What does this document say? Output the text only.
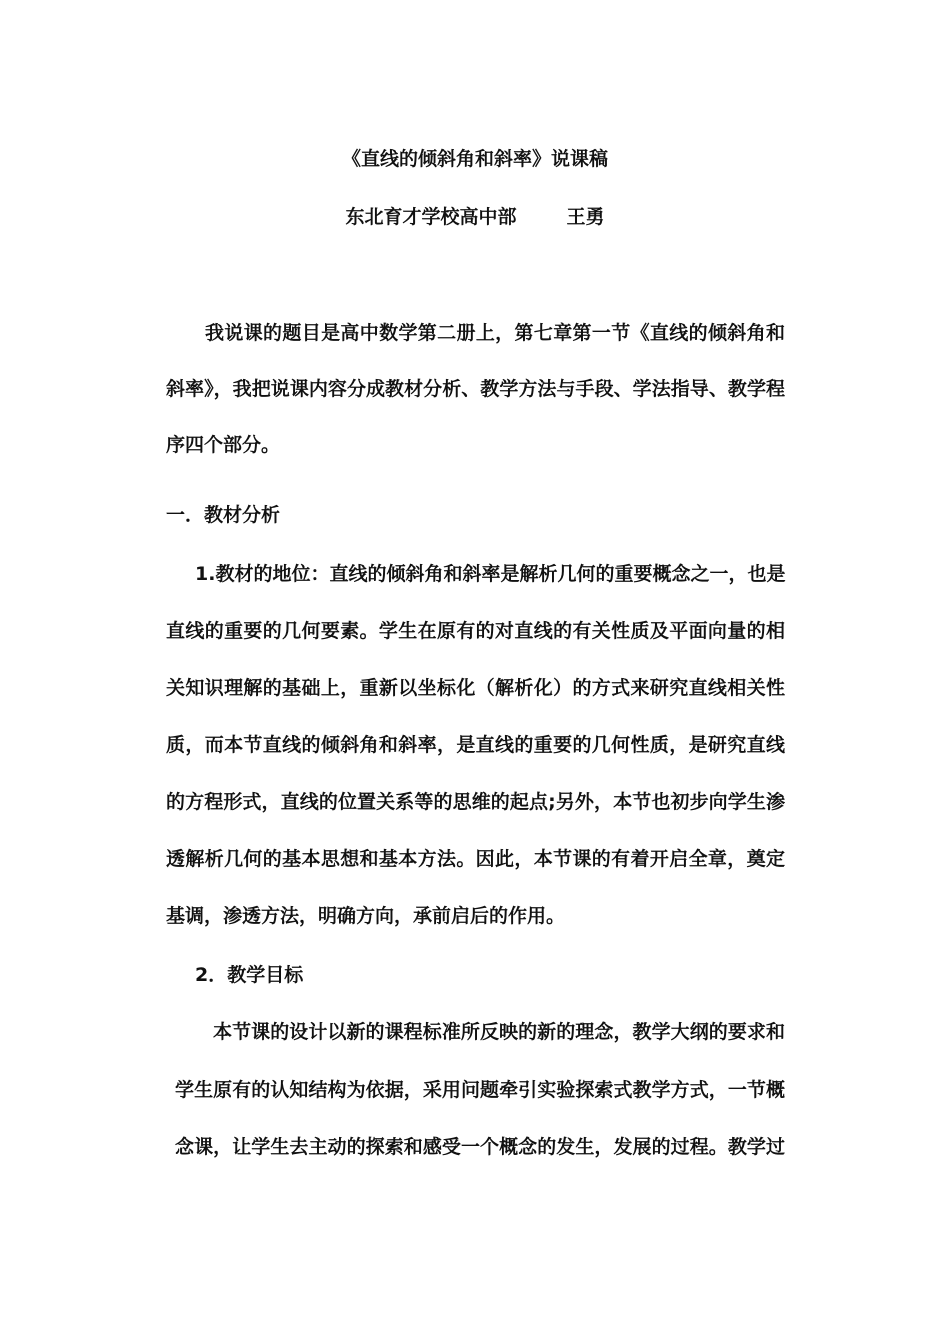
《直线的倾斜角和斜率》说课稿
东北育才学校高中部	王勇
我说课的题目是高中数学第二册上，第七章第一节《直线的倾斜角和
斜率》，我把说课内容分成教材分析、教学方法与手段、学法指导、教学程
序四个部分。
一．教材分析
1.教材的地位：直线的倾斜角和斜率是解析几何的重要概念之一，也是
直线的重要的几何要素。学生在原有的对直线的有关性质及平面向量的相
关知识理解的基础上，重新以坐标化（解析化）的方式来研究直线相关性
质，而本节直线的倾斜角和斜率，是直线的重要的几何性质，是研究直线
的方程形式，直线的位置关系等的思维的起点;另外，本节也初步向学生渗
透解析几何的基本思想和基本方法。因此，本节课的有着开启全章，奠定
基调，渗透方法，明确方向，承前启后的作用。
2．教学目标
本节课的设计以新的课程标准所反映的新的理念，教学大纲的要求和
学生原有的认知结构为依据，采用问题牵引实验探索式教学方式，一节概
念课，让学生去主动的探索和感受一个概念的发生，发展的过程。教学过
